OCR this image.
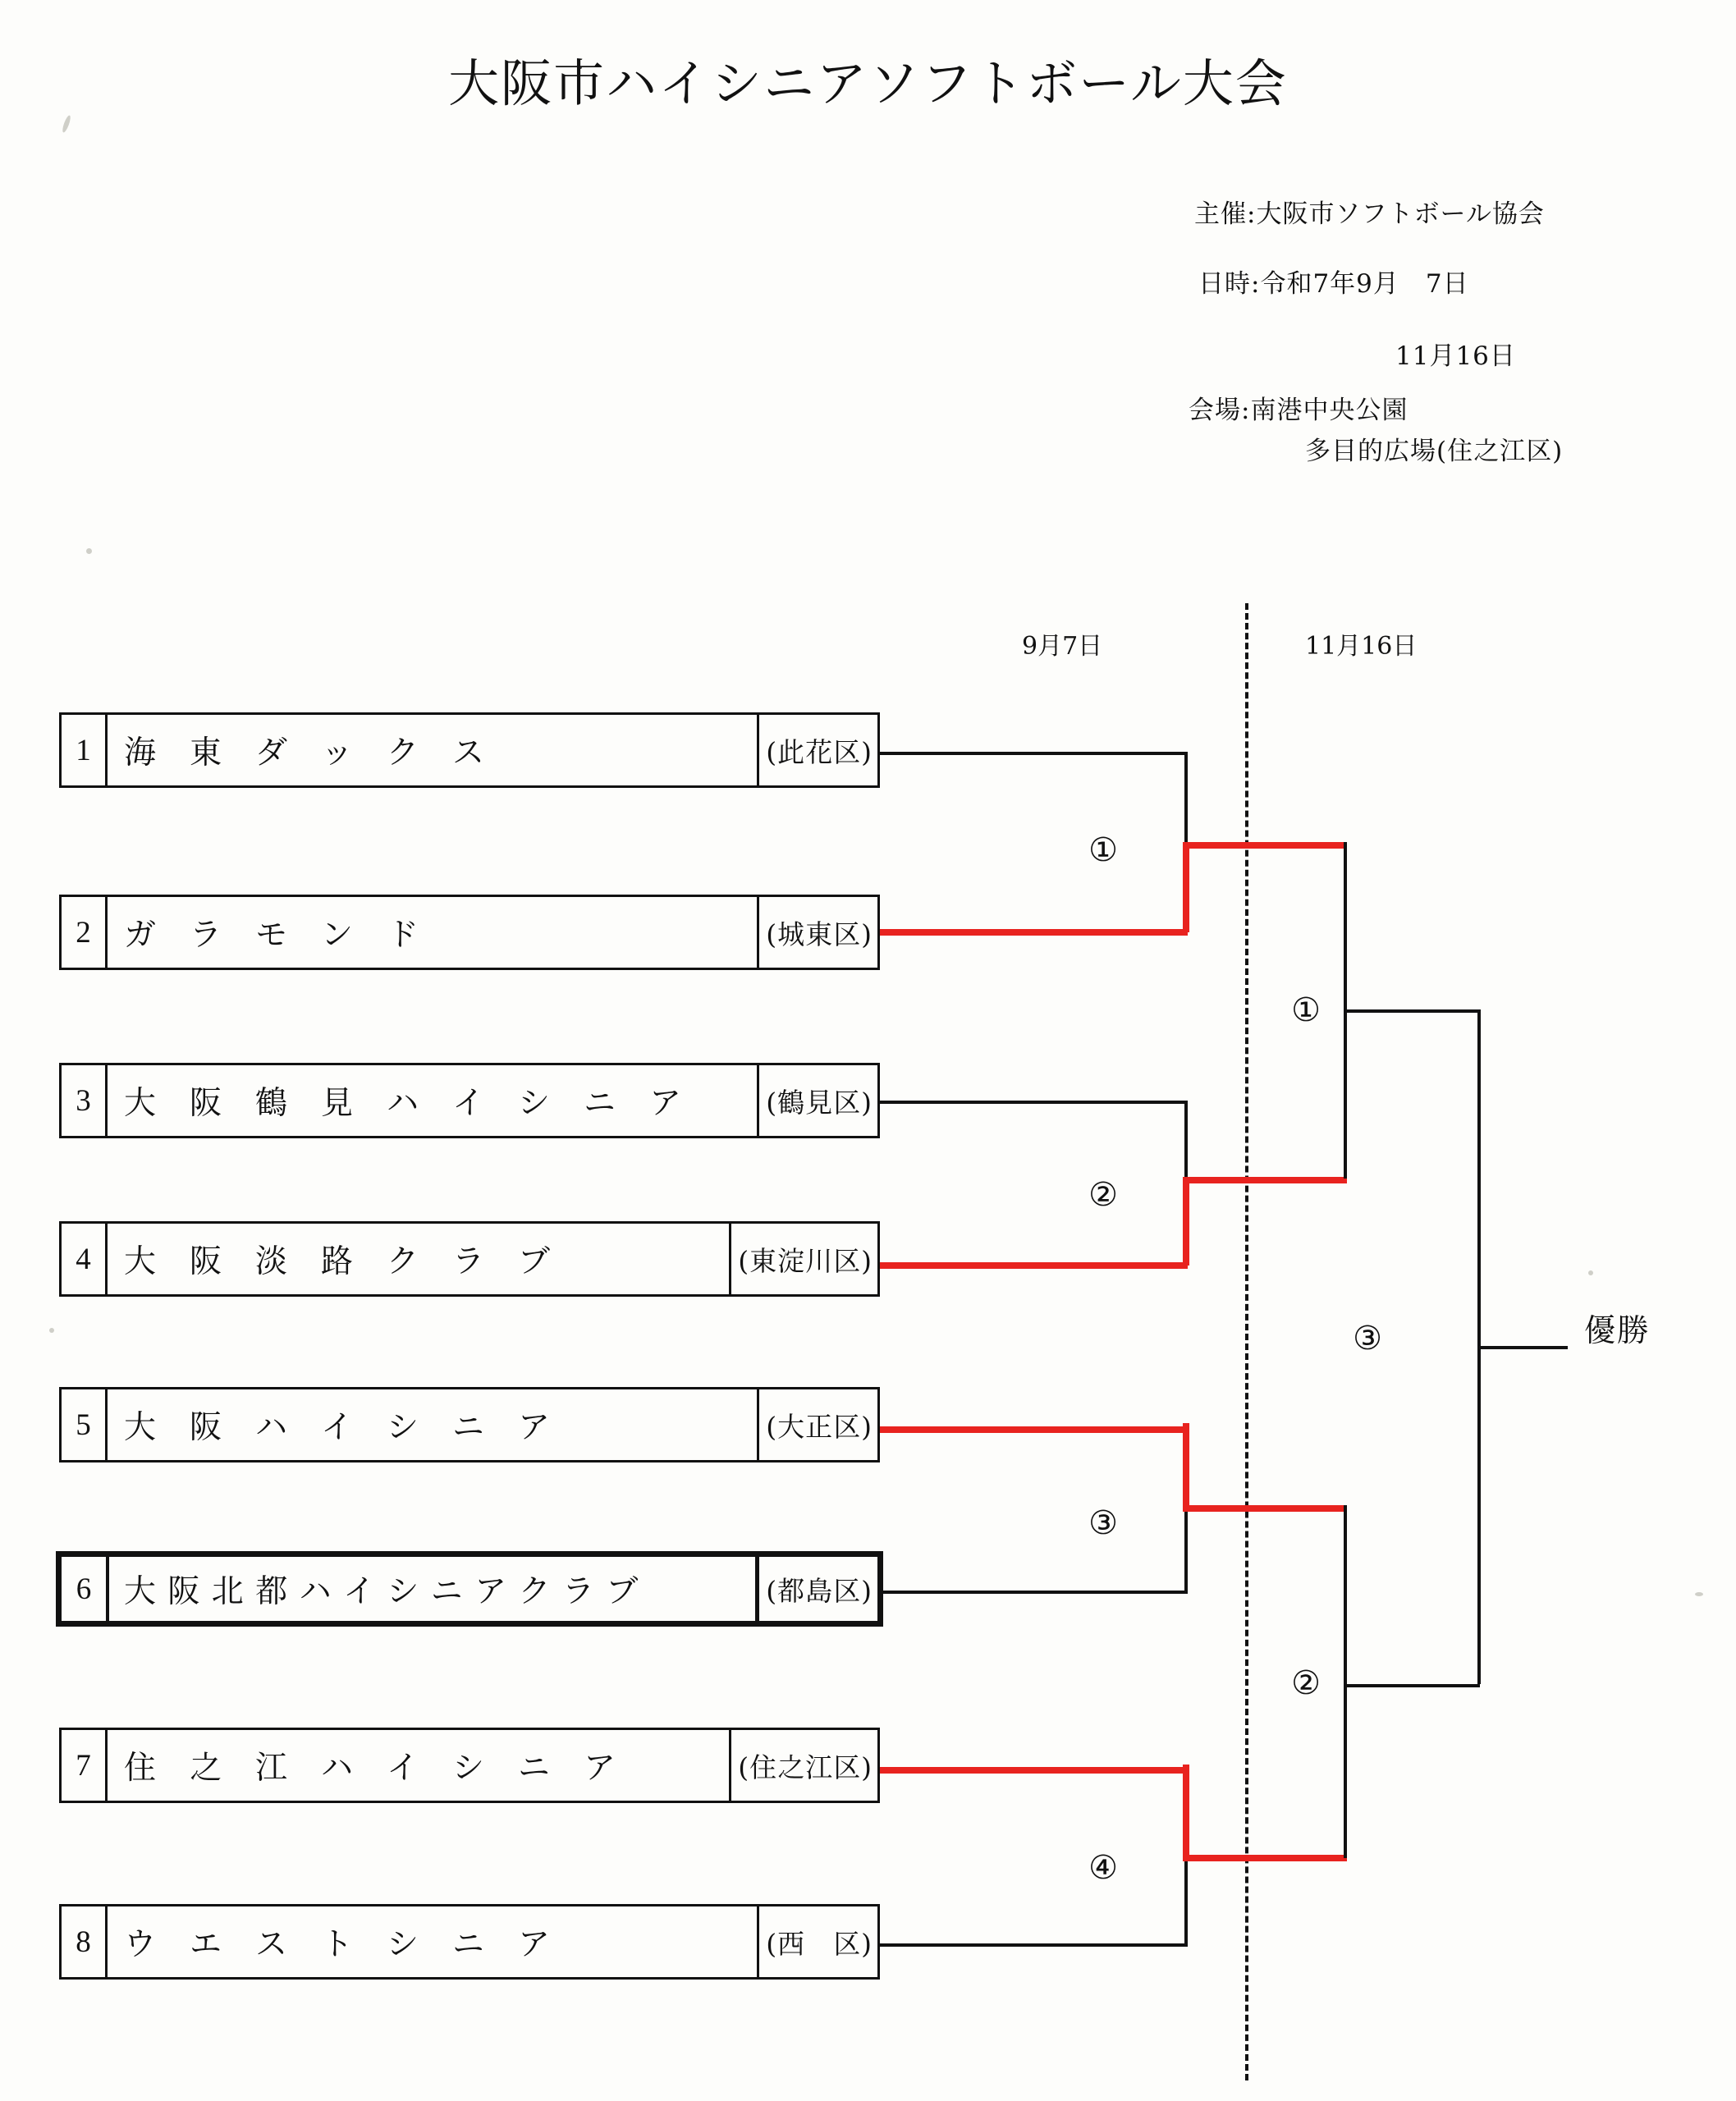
大阪市ハイシニアソフトボール大会
主催:大阪市ソフトボール協会
日時:令和7年9月　7日
11月16日
会場:南港中央公園
多目的広場(住之江区)
9月7日	11月16日
1	海　東　ダ　ッ　ク　ス	(此花区)
2	ガ　ラ　モ　ン　ド	(城東区)
3	大　阪　鶴　見　ハ　イ　シ　ニ　ア	(鶴見区)
4	大　阪　淡　路　ク　ラ　ブ	(東淀川区)
5	大　阪　ハ　イ　シ　ニ　ア	(大正区)
6	大 阪 北 都 ハ イ シ ニ ア ク ラ ブ	(都島区)
7	住　之　江　ハ　イ　シ　ニ　ア	(住之江区)
8	ウ　エ　ス　ト　シ　ニ　ア	(西　区)
①
②
①
③
④
②
③	優勝
